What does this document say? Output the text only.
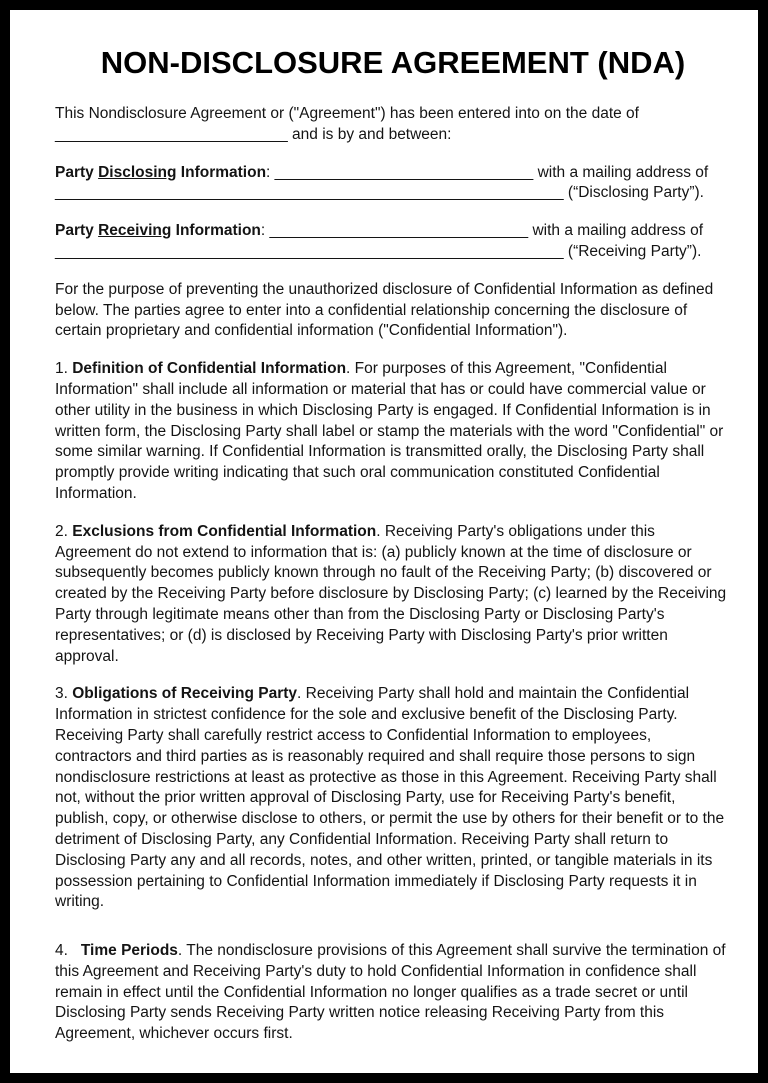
NON-DISCLOSURE AGREEMENT (NDA)

This Nondisclosure Agreement or ("Agreement") has been entered into on the date of
___________________________ and is by and between:

Party Disclosing Information: ______________________________ with a mailing address of
___________________________________________________________ (“Disclosing Party”).

Party Receiving Information: ______________________________ with a mailing address of
___________________________________________________________ (“Receiving Party”).

For the purpose of preventing the unauthorized disclosure of Confidential Information as defined below. The parties agree to enter into a confidential relationship concerning the disclosure of certain proprietary and confidential information ("Confidential Information").

1. Definition of Confidential Information. For purposes of this Agreement, "Confidential Information" shall include all information or material that has or could have commercial value or other utility in the business in which Disclosing Party is engaged. If Confidential Information is in written form, the Disclosing Party shall label or stamp the materials with the word "Confidential" or some similar warning. If Confidential Information is transmitted orally, the Disclosing Party shall promptly provide writing indicating that such oral communication constituted Confidential Information.

2. Exclusions from Confidential Information. Receiving Party's obligations under this Agreement do not extend to information that is: (a) publicly known at the time of disclosure or subsequently becomes publicly known through no fault of the Receiving Party; (b) discovered or created by the Receiving Party before disclosure by Disclosing Party; (c) learned by the Receiving Party through legitimate means other than from the Disclosing Party or Disclosing Party's representatives; or (d) is disclosed by Receiving Party with Disclosing Party's prior written approval.

3. Obligations of Receiving Party. Receiving Party shall hold and maintain the Confidential Information in strictest confidence for the sole and exclusive benefit of the Disclosing Party. Receiving Party shall carefully restrict access to Confidential Information to employees, contractors and third parties as is reasonably required and shall require those persons to sign nondisclosure restrictions at least as protective as those in this Agreement. Receiving Party shall not, without the prior written approval of Disclosing Party, use for Receiving Party's benefit, publish, copy, or otherwise disclose to others, or permit the use by others for their benefit or to the detriment of Disclosing Party, any Confidential Information. Receiving Party shall return to Disclosing Party any and all records, notes, and other written, printed, or tangible materials in its possession pertaining to Confidential Information immediately if Disclosing Party requests it in writing.

4.   Time Periods. The nondisclosure provisions of this Agreement shall survive the termination of this Agreement and Receiving Party's duty to hold Confidential Information in confidence shall remain in effect until the Confidential Information no longer qualifies as a trade secret or until Disclosing Party sends Receiving Party written notice releasing Receiving Party from this Agreement, whichever occurs first.
